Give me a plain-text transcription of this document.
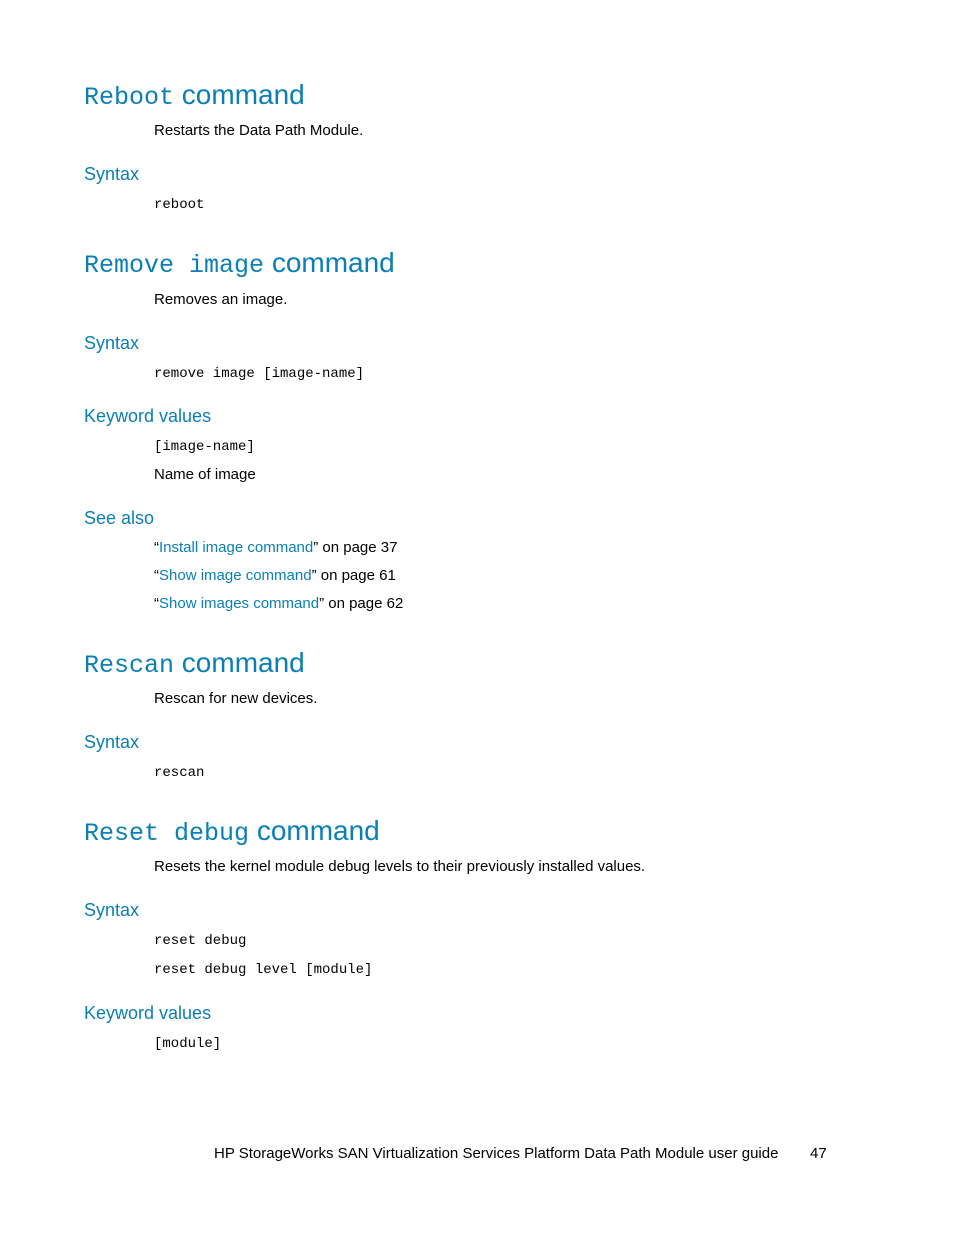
Reboot command
Restarts the Data Path Module.
Syntax
reboot
Remove image command
Removes an image.
Syntax
remove image [image-name]
Keyword values
[image-name]
Name of image
See also
“Install image command” on page 37
“Show image command” on page 61
“Show images command” on page 62
Rescan command
Rescan for new devices.
Syntax
rescan
Reset debug command
Resets the kernel module debug levels to their previously installed values.
Syntax
reset debug
reset debug level [module]
Keyword values
[module]
HP StorageWorks SAN Virtualization Services Platform Data Path Module user guide 47
